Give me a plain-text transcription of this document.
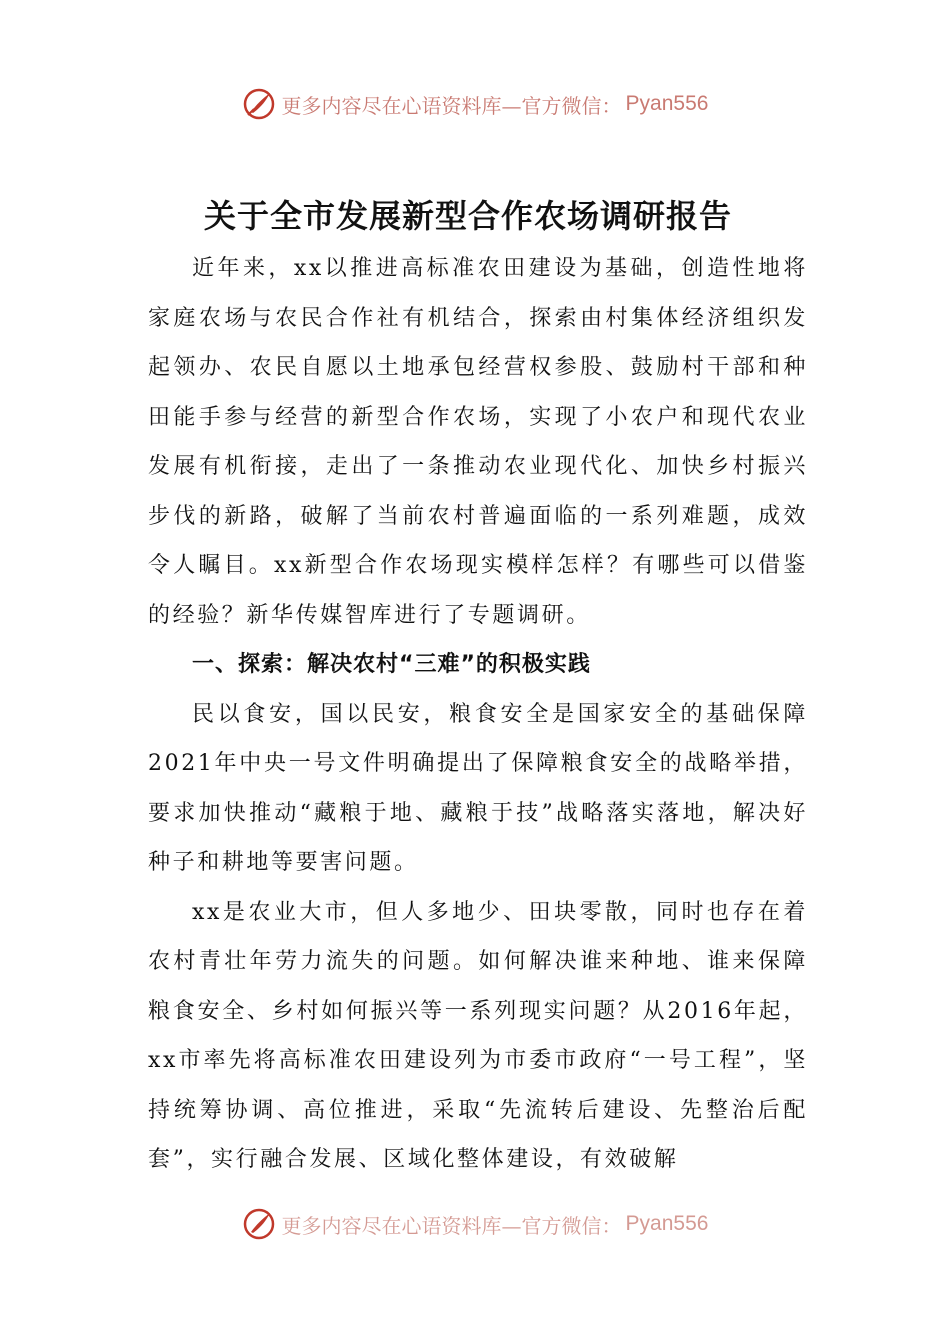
更多内容尽在心语资料库—官方微信： Pyan556
关于全市发展新型合作农场调研报告

近年来，xx以推进高标准农田建设为基础，创造性地将家庭农场与农民合作社有机结合，探索由村集体经济组织发起领办、农民自愿以土地承包经营权参股、鼓励村干部和种田能手参与经营的新型合作农场，实现了小农户和现代农业发展有机衔接，走出了一条推动农业现代化、加快乡村振兴步伐的新路，破解了当前农村普遍面临的一系列难题，成效令人瞩目。xx新型合作农场现实模样怎样？有哪些可以借鉴的经验？新华传媒智库进行了专题调研。

一、探索：解决农村“三难”的积极实践

民以食安，国以民安，粮食安全是国家安全的基础保障2021年中央一号文件明确提出了保障粮食安全的战略举措，要求加快推动“藏粮于地、藏粮于技”战略落实落地，解决好种子和耕地等要害问题。

xx是农业大市，但人多地少、田块零散，同时也存在着农村青壮年劳力流失的问题。如何解决谁来种地、谁来保障粮食安全、乡村如何振兴等一系列现实问题？从2016年起，xx市率先将高标准农田建设列为市委市政府“一号工程”，坚持统筹协调、高位推进，采取“先流转后建设、先整治后配套”，实行融合发展、区域化整体建设，有效破解

更多内容尽在心语资料库—官方微信： Pyan556
